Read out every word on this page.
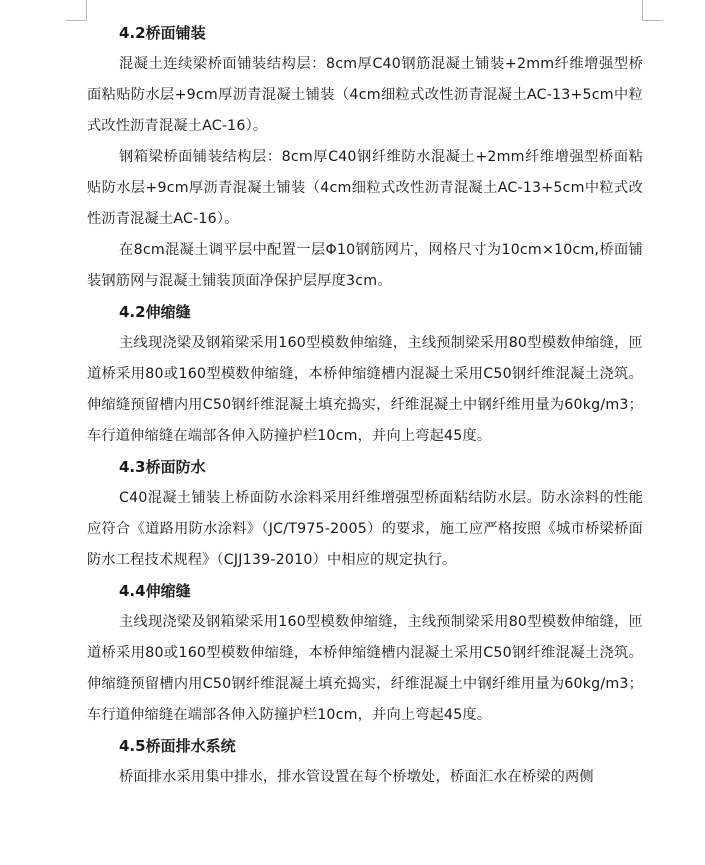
4.2桥面铺装

混凝土连续梁桥面铺装结构层：8cm厚C40钢筋混凝土铺装+2mm纤维增强型桥面粘贴防水层+9cm厚沥青混凝土铺装（4cm细粒式改性沥青混凝土AC-13+5cm中粒式改性沥青混凝土AC-16）。

钢箱梁桥面铺装结构层：8cm厚C40钢纤维防水混凝土+2mm纤维增强型桥面粘贴防水层+9cm厚沥青混凝土铺装（4cm细粒式改性沥青混凝土AC-13+5cm中粒式改性沥青混凝土AC-16）。

在8cm混凝土调平层中配置一层Φ10钢筋网片，网格尺寸为10cm×10cm,桥面铺装钢筋网与混凝土铺装顶面净保护层厚度3cm。

4.2伸缩缝

主线现浇梁及钢箱梁采用160型模数伸缩缝，主线预制梁采用80型模数伸缩缝，匝道桥采用80或160型模数伸缩缝，本桥伸缩缝槽内混凝土采用C50钢纤维混凝土浇筑。伸缩缝预留槽内用C50钢纤维混凝土填充捣实，纤维混凝土中钢纤维用量为60kg/m3；车行道伸缩缝在端部各伸入防撞护栏10cm，并向上弯起45度。

4.3桥面防水

C40混凝土铺装上桥面防水涂料采用纤维增强型桥面粘结防水层。防水涂料的性能应符合《道路用防水涂料》（JC/T975-2005）的要求，施工应严格按照《城市桥梁桥面防水工程技术规程》（CJJ139-2010）中相应的规定执行。

4.4伸缩缝

主线现浇梁及钢箱梁采用160型模数伸缩缝，主线预制梁采用80型模数伸缩缝，匝道桥采用80或160型模数伸缩缝，本桥伸缩缝槽内混凝土采用C50钢纤维混凝土浇筑。伸缩缝预留槽内用C50钢纤维混凝土填充捣实，纤维混凝土中钢纤维用量为60kg/m3；车行道伸缩缝在端部各伸入防撞护栏10cm，并向上弯起45度。

4.5桥面排水系统

桥面排水采用集中排水，排水管设置在每个桥墩处，桥面汇水在桥梁的两侧
